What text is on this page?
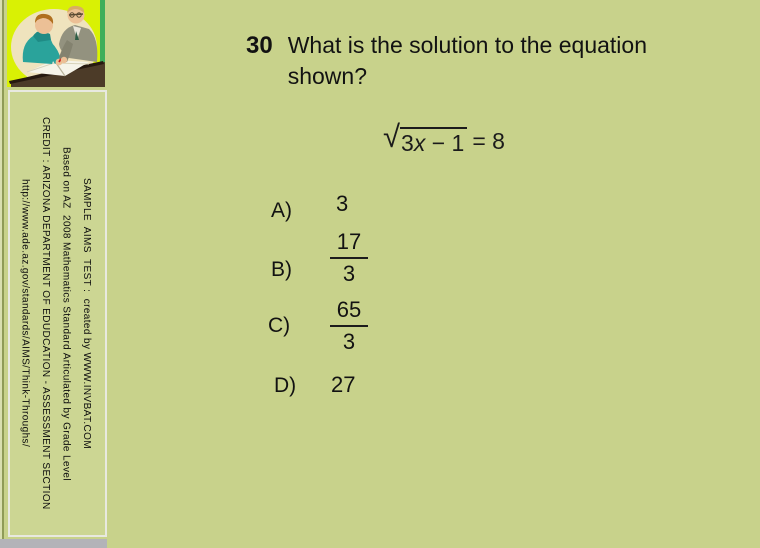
SAMPLE  AIMS  TEST :  created by WWW.INVBAT.COM
Based on AZ  2008 Mathematics Standard Articulated by Grade Level
CREDIT : ARIZONA DEPARTMENT OF EDUDCATION - ASSESSMENT SECTION
http://www.ade.az.gov/standards/AIMS/Think-Throughs/
30 What is the solution to the equation shown?
√ 3x − 1 = 8
A) 3
$B) \frac{17}{3}$
$C) \frac{65}{3}$
D) 27
